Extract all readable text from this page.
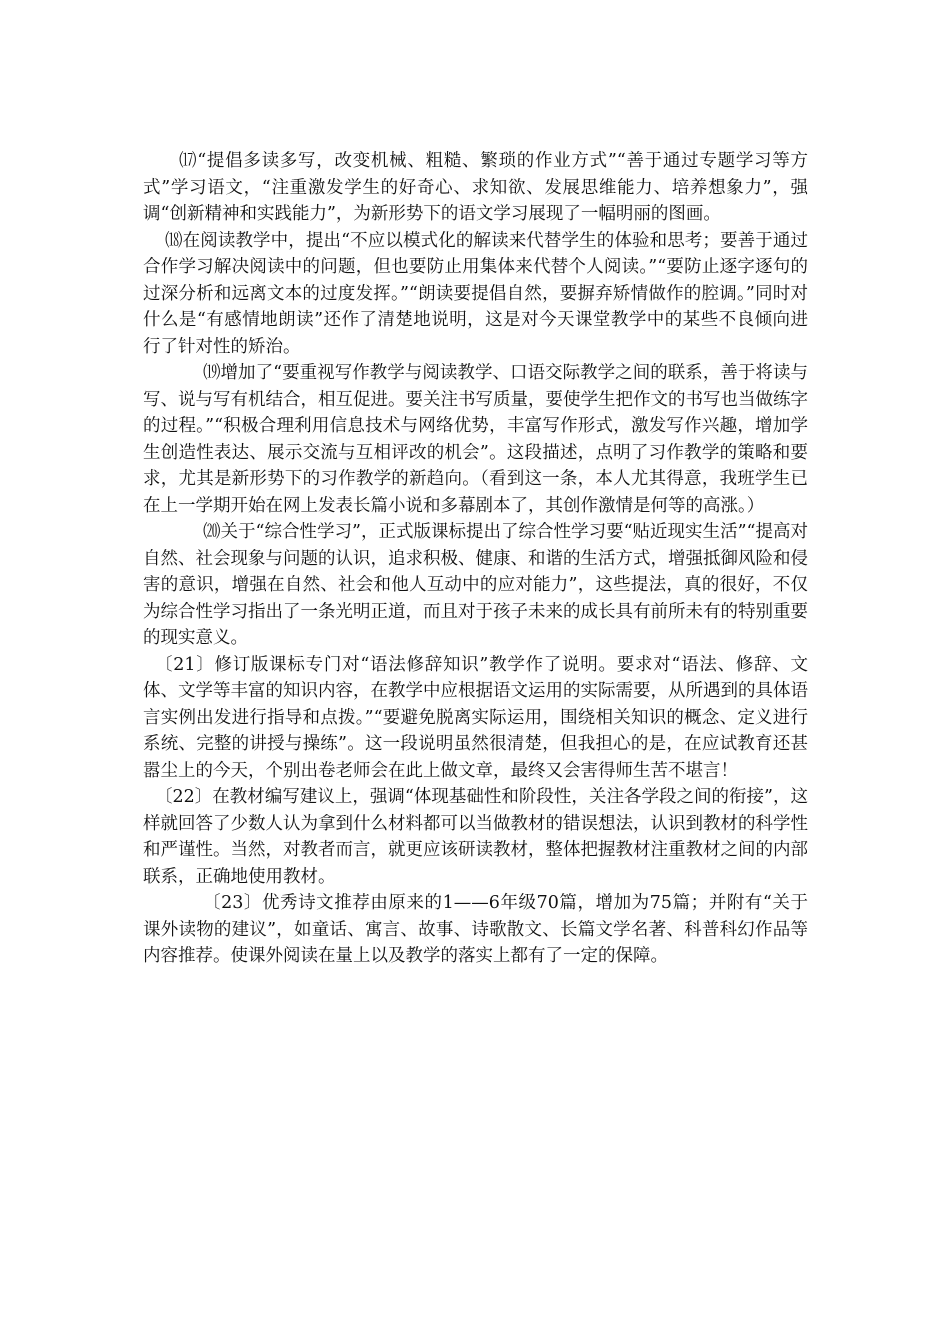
⒄“提倡多读多写，改变机械、粗糙、繁琐的作业方式”“善于通过专题学习等方式”学习语文，“注重激发学生的好奇心、求知欲、发展思维能力、培养想象力”，强调“创新精神和实践能力”，为新形势下的语文学习展现了一幅明丽的图画。

⒅在阅读教学中，提出“不应以模式化的解读来代替学生的体验和思考；要善于通过合作学习解决阅读中的问题，但也要防止用集体来代替个人阅读。”“要防止逐字逐句的过深分析和远离文本的过度发挥。”“朗读要提倡自然，要摒弃矫情做作的腔调。”同时对什么是“有感情地朗读”还作了清楚地说明，这是对今天课堂教学中的某些不良倾向进行了针对性的矫治。

⒆增加了“要重视写作教学与阅读教学、口语交际教学之间的联系，善于将读与写、说与写有机结合，相互促进。要关注书写质量，要使学生把作文的书写也当做练字的过程。”“积极合理利用信息技术与网络优势，丰富写作形式，激发写作兴趣，增加学生创造性表达、展示交流与互相评改的机会”。这段描述，点明了习作教学的策略和要求，尤其是新形势下的习作教学的新趋向。（看到这一条，本人尤其得意，我班学生已在上一学期开始在网上发表长篇小说和多幕剧本了，其创作激情是何等的高涨。）

⒇关于“综合性学习”，正式版课标提出了综合性学习要“贴近现实生活”“提高对自然、社会现象与问题的认识，追求积极、健康、和谐的生活方式，增强抵御风险和侵害的意识，增强在自然、社会和他人互动中的应对能力”，这些提法，真的很好，不仅为综合性学习指出了一条光明正道，而且对于孩子未来的成长具有前所未有的特别重要的现实意义。

〔21〕修订版课标专门对“语法修辞知识”教学作了说明。要求对“语法、修辞、文体、文学等丰富的知识内容，在教学中应根据语文运用的实际需要，从所遇到的具体语言实例出发进行指导和点拨。”“要避免脱离实际运用，围绕相关知识的概念、定义进行系统、完整的讲授与操练”。这一段说明虽然很清楚，但我担心的是，在应试教育还甚嚣尘上的今天，个别出卷老师会在此上做文章，最终又会害得师生苦不堪言！

〔22〕在教材编写建议上，强调“体现基础性和阶段性，关注各学段之间的衔接”，这样就回答了少数人认为拿到什么材料都可以当做教材的错误想法，认识到教材的科学性和严谨性。当然，对教者而言，就更应该研读教材，整体把握教材注重教材之间的内部联系，正确地使用教材。

〔23〕优秀诗文推荐由原来的1——6年级70篇，增加为75篇；并附有“关于课外读物的建议”，如童话、寓言、故事、诗歌散文、长篇文学名著、科普科幻作品等内容推荐。使课外阅读在量上以及教学的落实上都有了一定的保障。
